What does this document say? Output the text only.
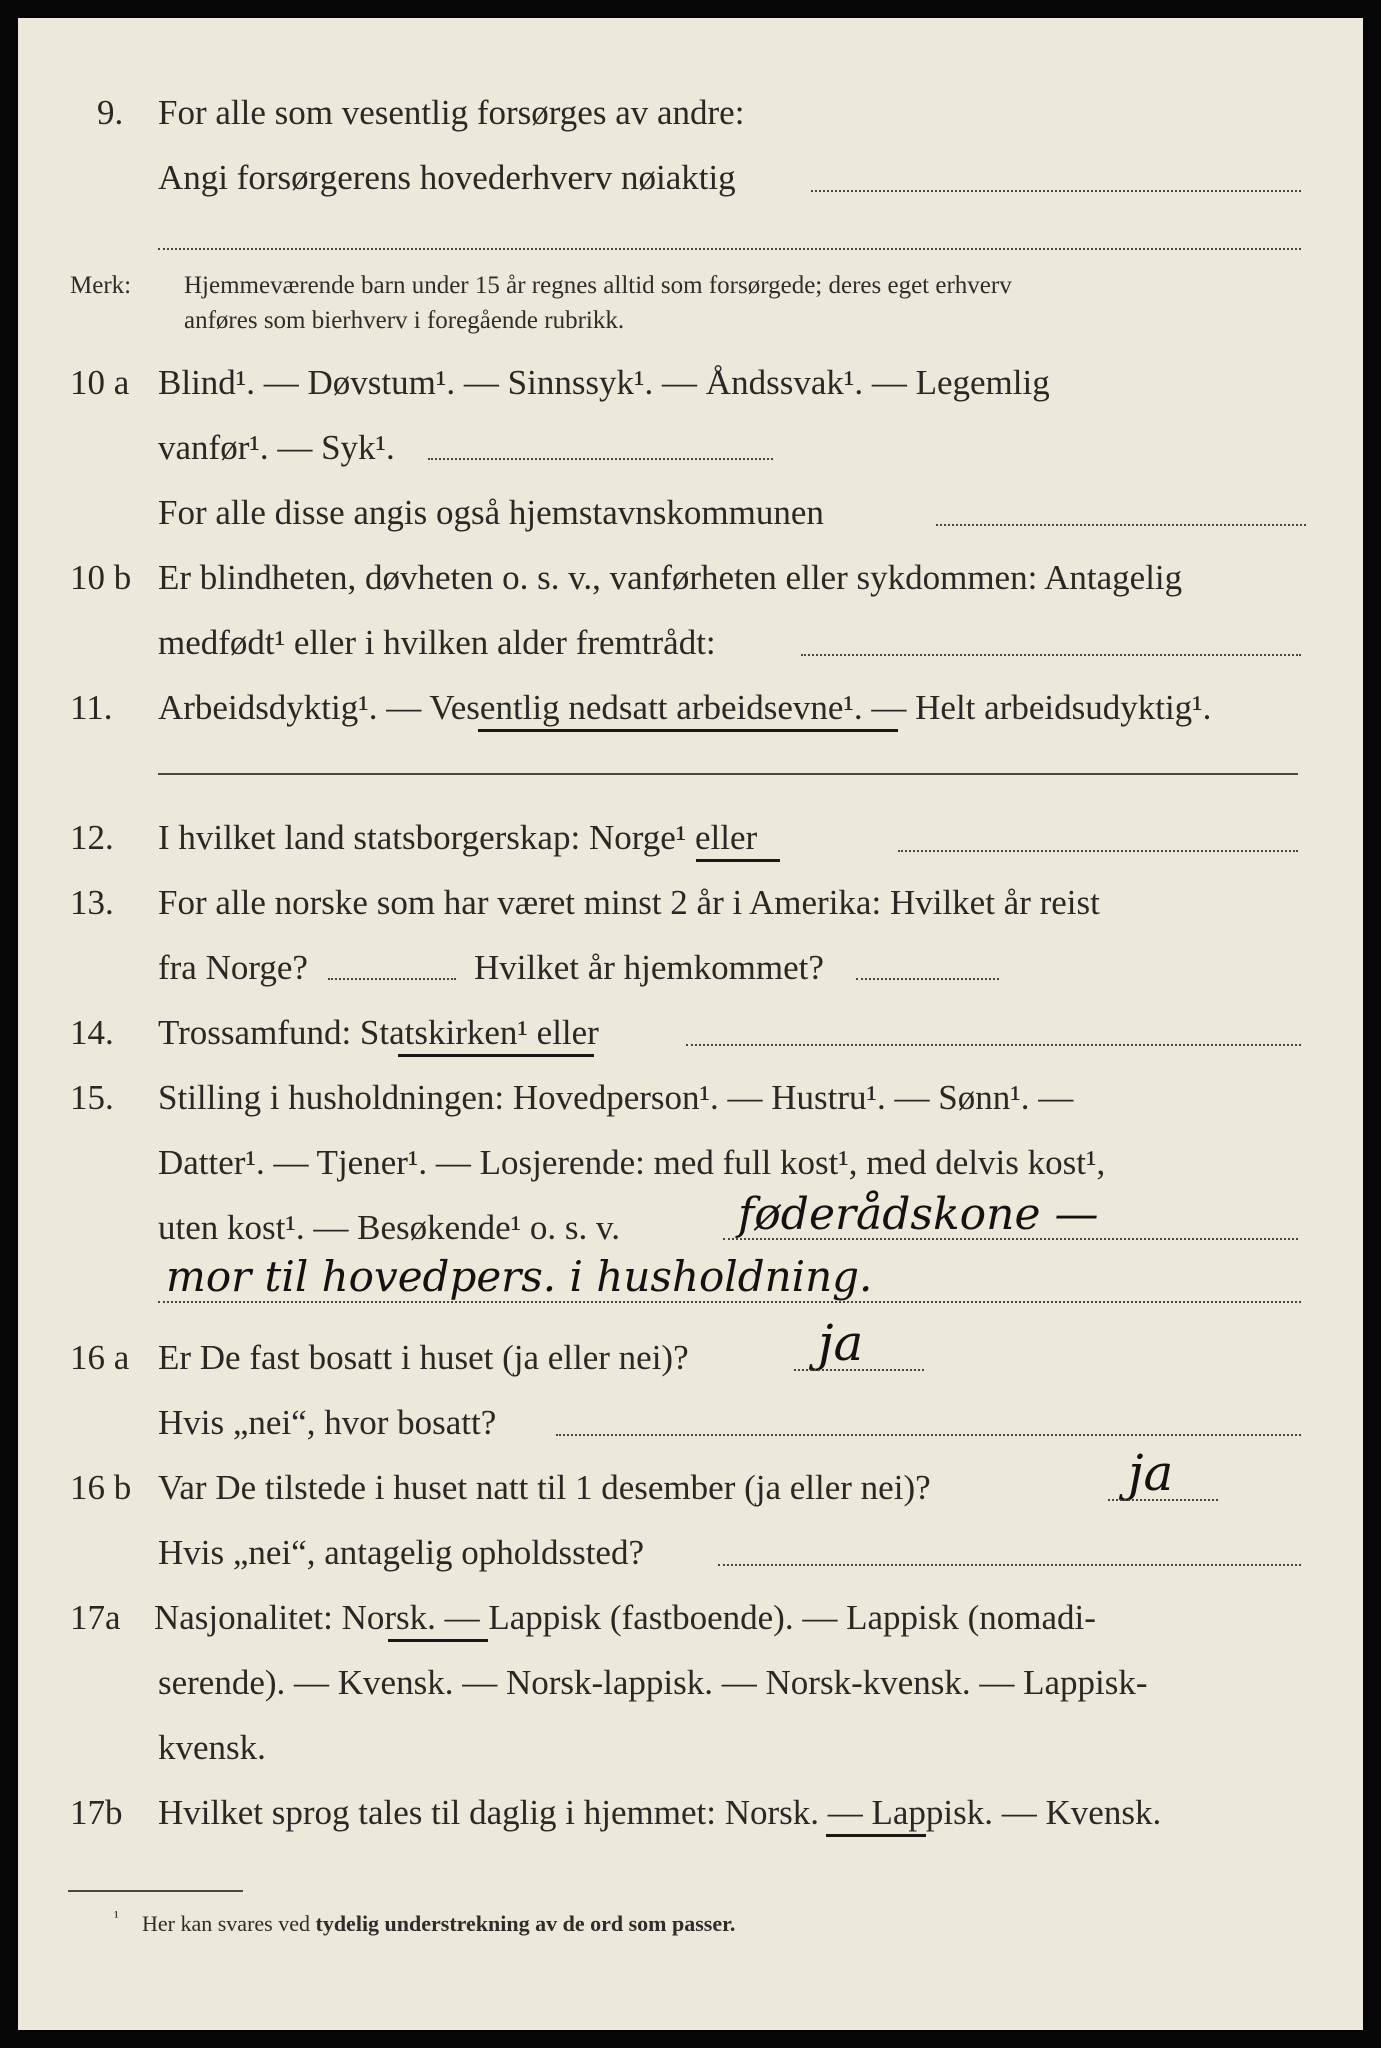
9. For alle som vesentlig forsørges av andre:
Angi forsørgerens hovederhverv nøiaktig
Merk: Hjemmeværende barn under 15 år regnes alltid som forsørgede; deres eget erhverv
anføres som bierhverv i foregående rubrikk.
10 a Blind¹. — Døvstum¹. — Sinnssyk¹. — Åndssvak¹. — Legemlig
vanfør¹. — Syk¹.
For alle disse angis også hjemstavnskommunen
10 b Er blindheten, døvheten o. s. v., vanførheten eller sykdommen: Antagelig
medfødt¹ eller i hvilken alder fremtrådt:
11. Arbeidsdyktig¹. — Vesentlig nedsatt arbeidsevne¹. — Helt arbeidsudyktig¹.
12. I hvilket land statsborgerskap: Norge¹ eller
13. For alle norske som har været minst 2 år i Amerika: Hvilket år reist
fra Norge?	Hvilket år hjemkommet?
14. Trossamfund: Statskirken¹ eller
15. Stilling i husholdningen: Hovedperson¹. — Hustru¹. — Sønn¹. —
Datter¹. — Tjener¹. — Losjerende: med full kost¹, med delvis kost¹,
uten kost¹. — Besøkende¹ o. s. v.	føderådskone —
mor til hovedpers. i husholdning.
16 a Er De fast bosatt i huset (ja eller nei)?	ja
Hvis „nei“, hvor bosatt?
16 b Var De tilstede i huset natt til 1 desember (ja eller nei)?	ja
Hvis „nei“, antagelig opholdssted?
17a Nasjonalitet: Norsk. — Lappisk (fastboende). — Lappisk (nomadi-
serende). — Kvensk. — Norsk-lappisk. — Norsk-kvensk. — Lappisk-
kvensk.
17b Hvilket sprog tales til daglig i hjemmet: Norsk. — Lappisk. — Kvensk.
¹ Her kan svares ved tydelig understrekning av de ord som passer.
